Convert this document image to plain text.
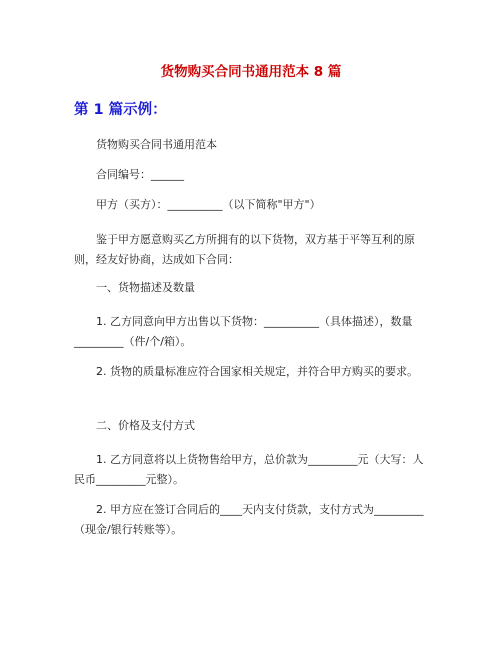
货物购买合同书通用范本 8 篇
第 1 篇示例：
货物购买合同书通用范本
合同编号：______
甲方（买方）：__________（以下简称"甲方"）
鉴于甲方愿意购买乙方所拥有的以下货物，双方基于平等互利的原则，经友好协商，达成如下合同：
一、货物描述及数量
1. 乙方同意向甲方出售以下货物：__________（具体描述），数量_________（件/个/箱）。
2. 货物的质量标准应符合国家相关规定，并符合甲方购买的要求。
二、价格及支付方式
1. 乙方同意将以上货物售给甲方，总价款为_________元（大写：人民币_________元整）。
2. 甲方应在签订合同后的____天内支付货款，支付方式为_________（现金/银行转账等）。
